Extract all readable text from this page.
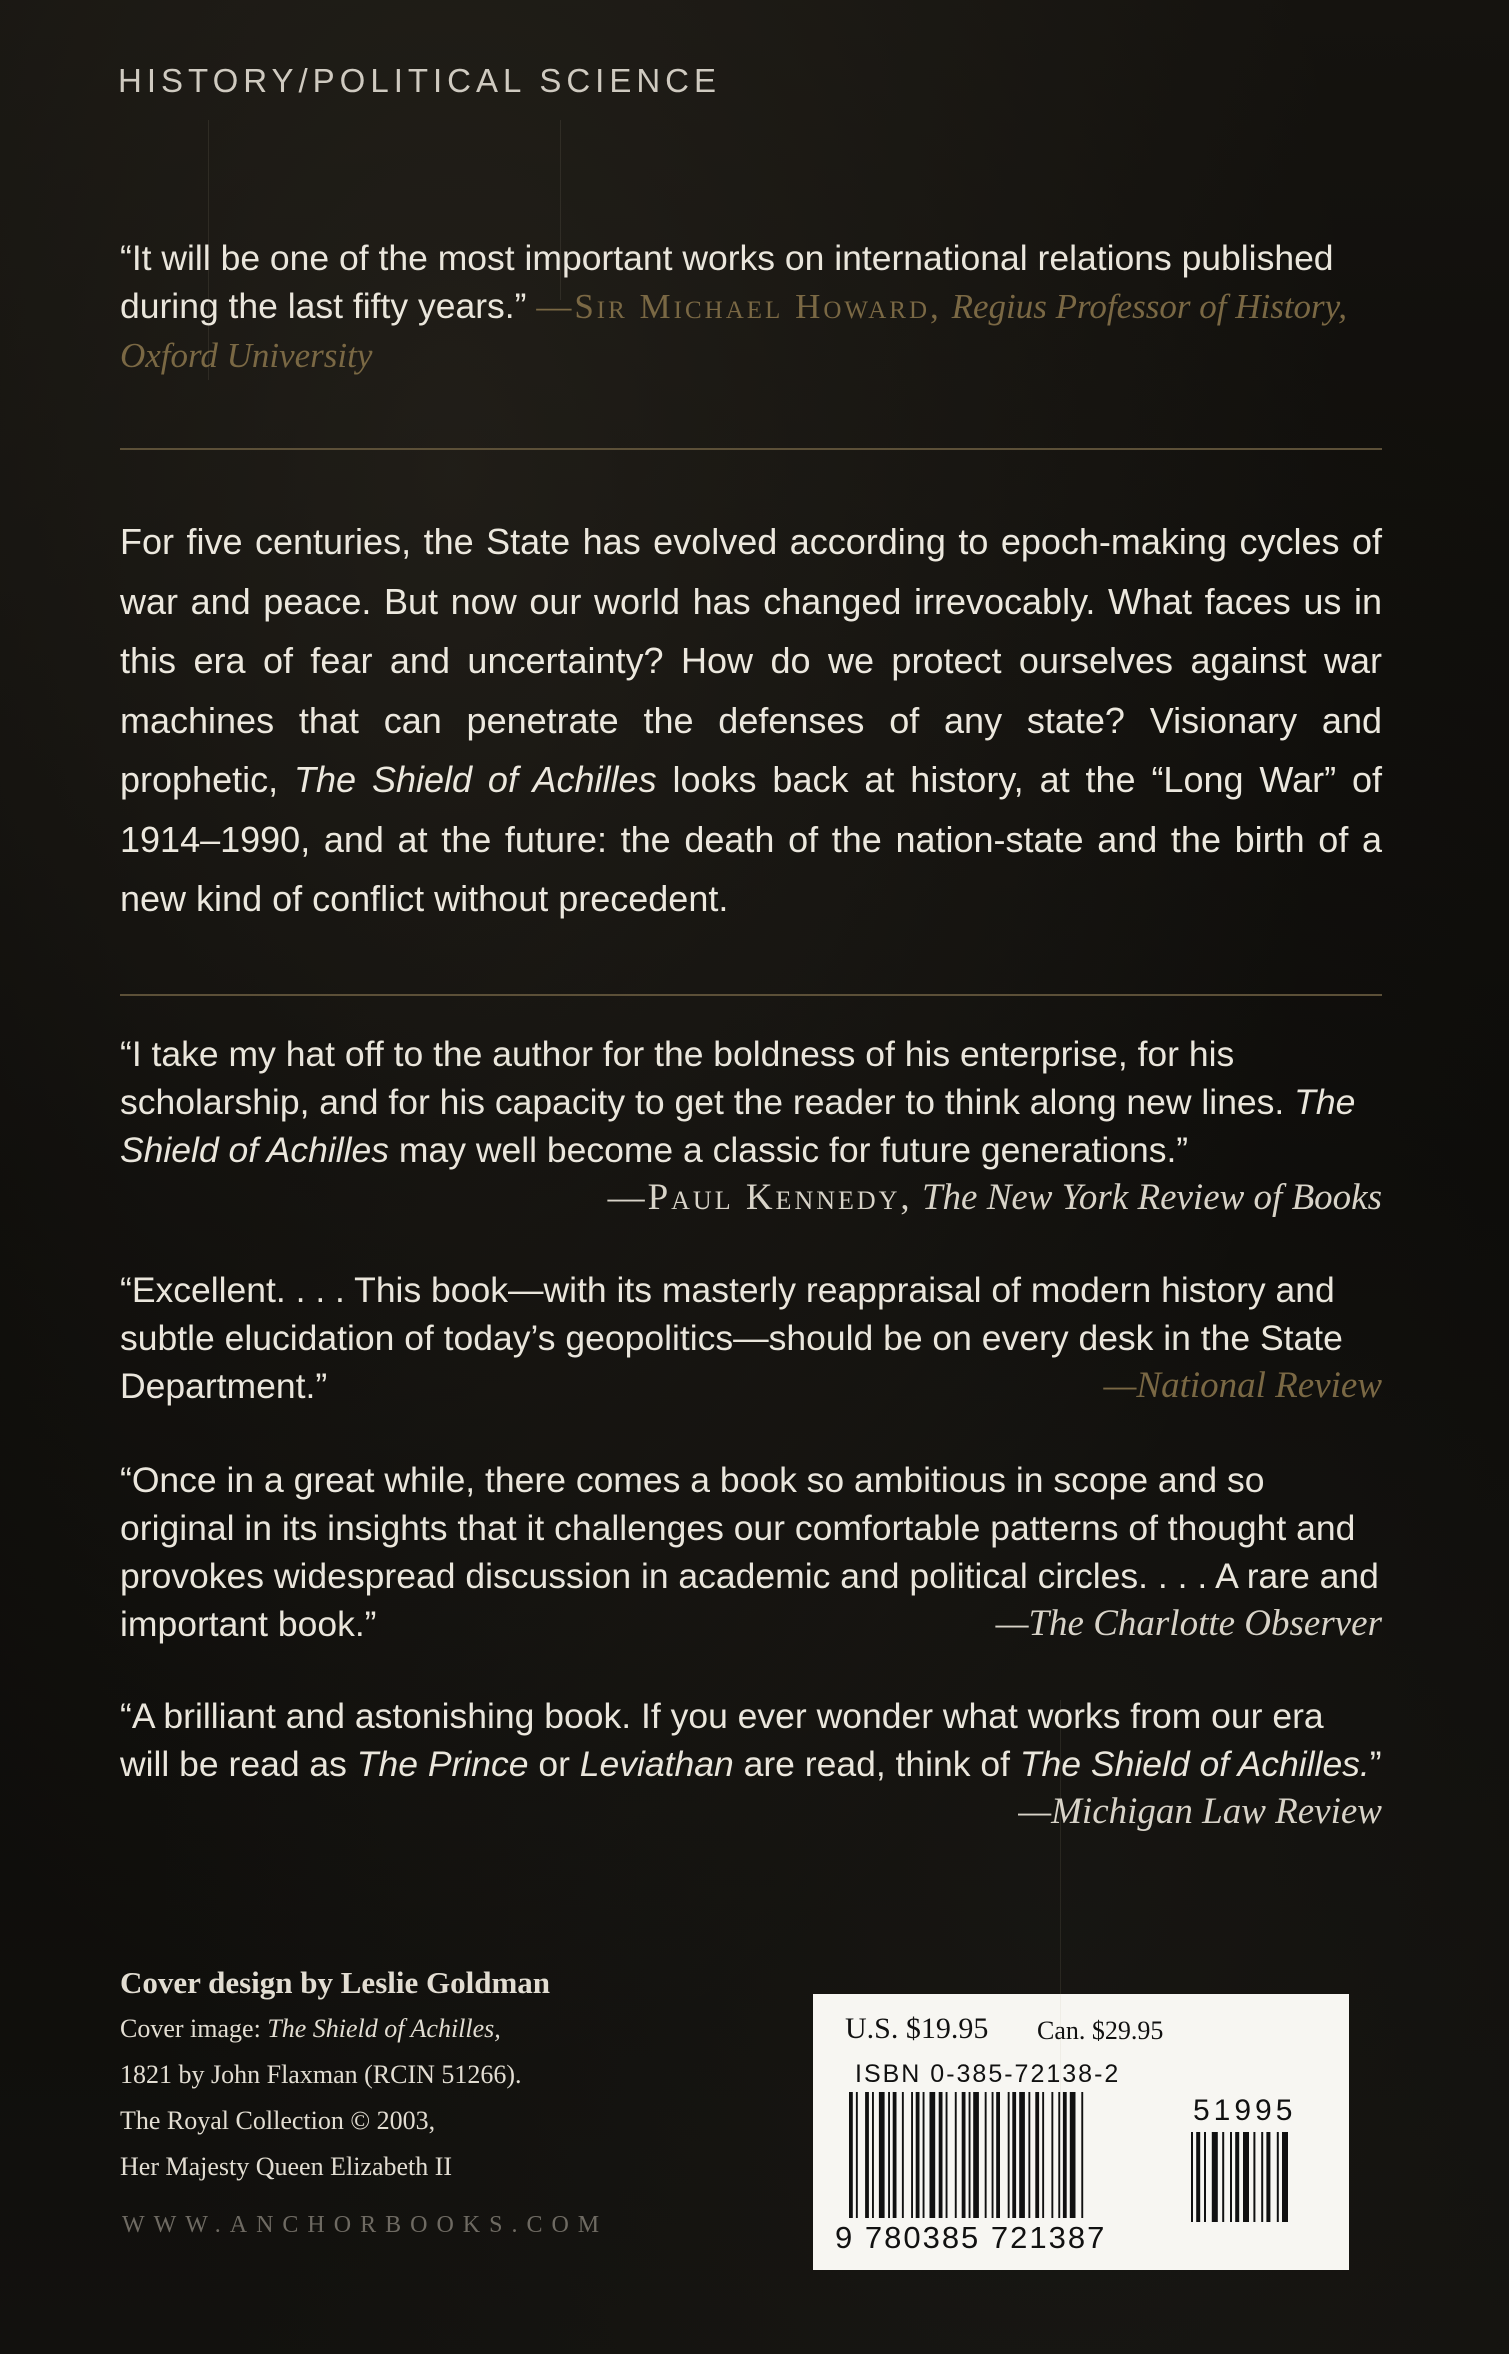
HISTORY/POLITICAL SCIENCE

“It will be one of the most important works on international relations published during the last fifty years.” —Sir Michael Howard, Regius Professor of History, Oxford University

For five centuries, the State has evolved according to epoch-making cycles of war and peace. But now our world has changed irrevocably. What faces us in this era of fear and uncertainty? How do we protect ourselves against war machines that can penetrate the defenses of any state? Visionary and prophetic, The Shield of Achilles looks back at history, at the “Long War” of 1914–1990, and at the future: the death of the nation-state and the birth of a new kind of conflict without precedent.

“I take my hat off to the author for the boldness of his enterprise, for his scholarship, and for his capacity to get the reader to think along new lines. The Shield of Achilles may well become a classic for future generations.”
—Paul Kennedy, The New York Review of Books

“Excellent. . . . This book—with its masterly reappraisal of modern history and subtle elucidation of today’s geopolitics—should be on every desk in the State Department.”	—National Review

“Once in a great while, there comes a book so ambitious in scope and so original in its insights that it challenges our comfortable patterns of thought and provokes widespread discussion in academic and political circles. . . . A rare and important book.”	—The Charlotte Observer

“A brilliant and astonishing book. If you ever wonder what works from our era will be read as The Prince or Leviathan are read, think of The Shield of Achilles.”
—Michigan Law Review

Cover design by Leslie Goldman
Cover image: The Shield of Achilles,
1821 by John Flaxman (RCIN 51266).
The Royal Collection © 2003,
Her Majesty Queen Elizabeth II
WWW.ANCHORBOOKS.COM
U.S. $19.95 Can. $29.95
ISBN 0-385-72138-2
51995
9 780385 721387
